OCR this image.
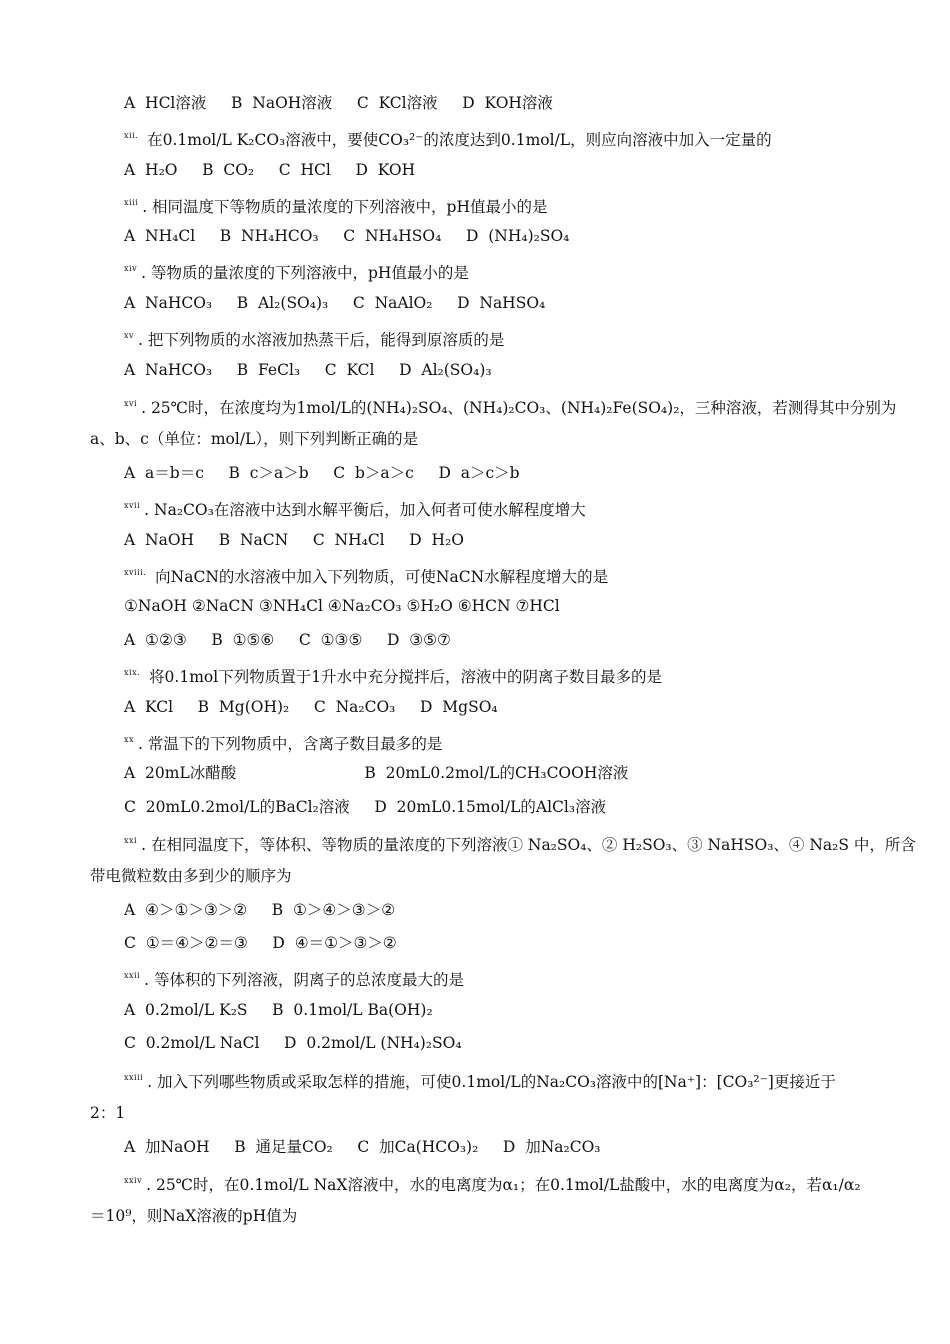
A  HCl溶液     B  NaOH溶液     C  KCl溶液     D  KOH溶液
$^{xii.}$ 在0.1mol/L K₂CO₃溶液中，要使CO₃²⁻的浓度达到0.1mol/L，则应向溶液中加入一定量的
A  H₂O     B  CO₂     C  HCl     D  KOH
$^{xiii}$ . 相同温度下等物质的量浓度的下列溶液中，pH值最小的是
A  NH₄Cl     B  NH₄HCO₃     C  NH₄HSO₄     D  (NH₄)₂SO₄
$^{xiv}$ . 等物质的量浓度的下列溶液中，pH值最小的是
A  NaHCO₃     B  Al₂(SO₄)₃     C  NaAlO₂     D  NaHSO₄
$^{xv}$ . 把下列物质的水溶液加热蒸干后，能得到原溶质的是
A  NaHCO₃     B  FeCl₃     C  KCl     D  Al₂(SO₄)₃
$^{xvi}$ . 25℃时，在浓度均为1mol/L的(NH₄)₂SO₄、(NH₄)₂CO₃、(NH₄)₂Fe(SO₄)₂，三种溶液，若测得其中分别为
a、b、c（单位：mol/L），则下列判断正确的是
A  a＝b＝c     B  c＞a＞b     C  b＞a＞c     D  a＞c＞b
$^{xvii}$ . Na₂CO₃在溶液中达到水解平衡后，加入何者可使水解程度增大
A  NaOH     B  NaCN     C  NH₄Cl     D  H₂O
$^{xviii.}$ 向NaCN的水溶液中加入下列物质，可使NaCN水解程度增大的是
①NaOH ②NaCN ③NH₄Cl ④Na₂CO₃ ⑤H₂O ⑥HCN ⑦HCl
A  ①②③     B  ①⑤⑥     C  ①③⑤     D  ③⑤⑦
$^{xix.}$ 将0.1mol下列物质置于1升水中充分搅拌后，溶液中的阴离子数目最多的是
A  KCl     B  Mg(OH)₂     C  Na₂CO₃     D  MgSO₄
$^{xx}$ . 常温下的下列物质中，含离子数目最多的是
A  20mL冰醋酸                          B  20mL0.2mol/L的CH₃COOH溶液
C  20mL0.2mol/L的BaCl₂溶液     D  20mL0.15mol/L的AlCl₃溶液
$^{xxi}$ . 在相同温度下，等体积、等物质的量浓度的下列溶液① Na₂SO₄、② H₂SO₃、③ NaHSO₃、④ Na₂S 中，所含
带电微粒数由多到少的顺序为
A  ④＞①＞③＞②     B  ①＞④＞③＞②
C  ①＝④＞②＝③     D  ④＝①＞③＞②
$^{xxii}$ . 等体积的下列溶液，阴离子的总浓度最大的是
A  0.2mol/L K₂S     B  0.1mol/L Ba(OH)₂
C  0.2mol/L NaCl     D  0.2mol/L (NH₄)₂SO₄
$^{xxiii}$ . 加入下列哪些物质或采取怎样的措施，可使0.1mol/L的Na₂CO₃溶液中的[Na⁺]：[CO₃²⁻]更接近于
2：1
A  加NaOH     B  通足量CO₂     C  加Ca(HCO₃)₂     D  加Na₂CO₃
$^{xxiv}$ . 25℃时，在0.1mol/L NaX溶液中，水的电离度为α₁；在0.1mol/L盐酸中，水的电离度为α₂，若α₁/α₂
＝10⁹，则NaX溶液的pH值为
